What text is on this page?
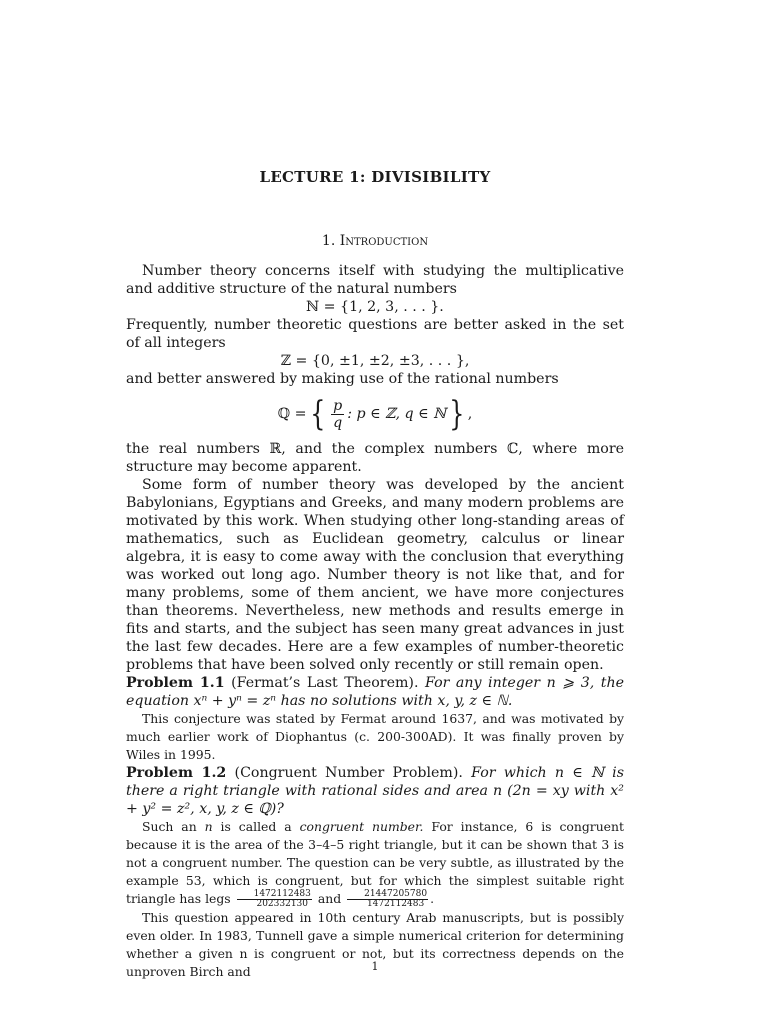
LECTURE 1: DIVISIBILITY
1. Introduction

Number theory concerns itself with studying the multiplicative and additive structure of the natural numbers

ℕ = {1, 2, 3, . . . }.

Frequently, number theoretic questions are better asked in the set of all integers

ℤ = {0, ±1, ±2, ±3, . . . },

and better answered by making use of the rational numbers

ℚ = { $\frac{p}{q}$ : p ∈ ℤ, q ∈ ℕ } ,

the real numbers ℝ, and the complex numbers ℂ, where more structure may become apparent.

Some form of number theory was developed by the ancient Babylonians, Egyptians and Greeks, and many modern problems are motivated by this work. When studying other long-standing areas of mathematics, such as Euclidean geometry, calculus or linear algebra, it is easy to come away with the conclusion that everything was worked out long ago. Number theory is not like that, and for many problems, some of them ancient, we have more conjectures than theorems. Nevertheless, new methods and results emerge in fits and starts, and the subject has seen many great advances in just the last few decades. Here are a few examples of number-theoretic problems that have been solved only recently or still remain open.

Problem 1.1 (Fermat’s Last Theorem). For any integer n ⩾ 3, the equation xⁿ + yⁿ = zⁿ has no solutions with x, y, z ∈ ℕ.

This conjecture was stated by Fermat around 1637, and was motivated by much earlier work of Diophantus (c. 200-300AD). It was finally proven by Wiles in 1995.

Problem 1.2 (Congruent Number Problem). For which n ∈ ℕ is there a right triangle with rational sides and area n (2n = xy with x² + y² = z², x, y, z ∈ ℚ)?

Such an n is called a congruent number. For instance, 6 is congruent because it is the area of the 3–4–5 right triangle, but it can be shown that 3 is not a congruent number. The question can be very subtle, as illustrated by the example 53, which is congruent, but for which the simplest suitable right triangle has legs $\frac{1472112483}{202332130}$ and $\frac{21447205780}{1472112483}$ .

This question appeared in 10th century Arab manuscripts, but is possibly even older. In 1983, Tunnell gave a simple numerical criterion for determining whether a given n is congruent or not, but its correctness depends on the unproven Birch and	1
